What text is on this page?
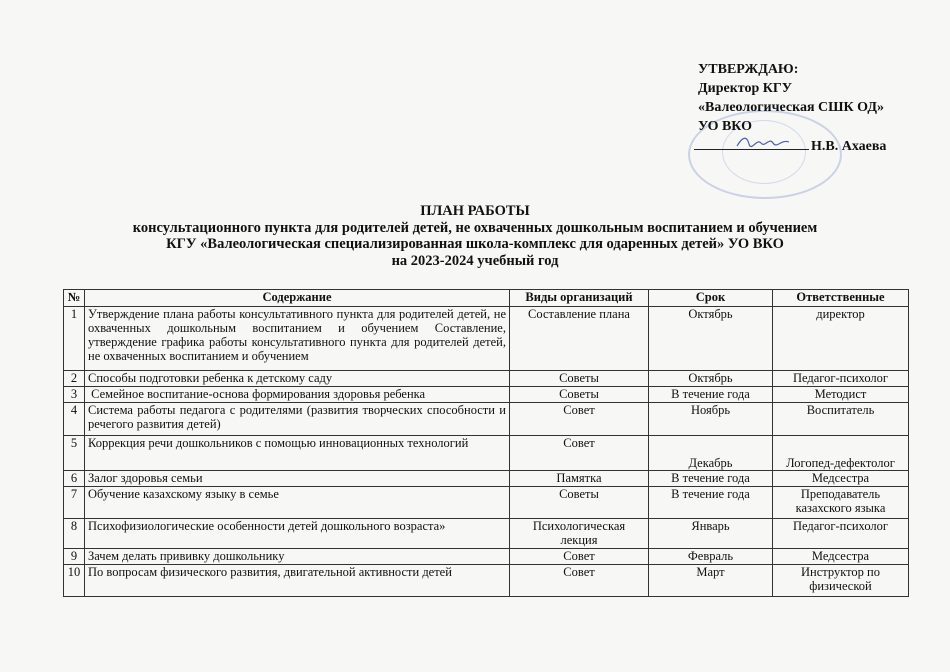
УТВЕРЖДАЮ:
Директор КГУ
«Валеологическая СШК ОД»
УО ВКО
Н.В. Ахаева
ПЛАН РАБОТЫ
консультационного пункта для родителей детей, не охваченных дошкольным воспитанием и обучением
КГУ «Валеологическая специализированная школа-комплекс для одаренных детей» УО ВКО
на 2023-2024 учебный год
№	Содержание	Виды организаций	Срок	Ответственные
1	Утверждение плана работы консультативного пункта для родителей детей, не охваченных дошкольным воспитанием и обучением Составление, утверждение графика работы консультативного пункта для родителей детей, не охваченных воспитанием и обучением	Составление плана	Октябрь	директор
2	Способы подготовки ребенка к детскому саду	Советы	Октябрь	Педагог-психолог
3	Семейное воспитание-основа формирования здоровья ребенка	Советы	В течение года	Методист
4	Система работы педагога с родителями (развития творческих способности и речегого развития детей)	Совет	Ноябрь	Воспитатель
5	Коррекция речи дошкольников с помощью инновационных технологий	Совет	Декабрь	Логопед-дефектолог
6	Залог здоровья семьи	Памятка	В течение года	Медсестра
7	Обучение казахскому языку в семье	Советы	В течение года	Преподаватель казахского языка
8	Психофизиологические особенности детей дошкольного возраста»	Психологическая лекция	Январь	Педагог-психолог
9	Зачем делать прививку дошкольнику	Совет	Февраль	Медсестра
10	По вопросам физического развития, двигательной активности детей	Совет	Март	Инструктор по физической
